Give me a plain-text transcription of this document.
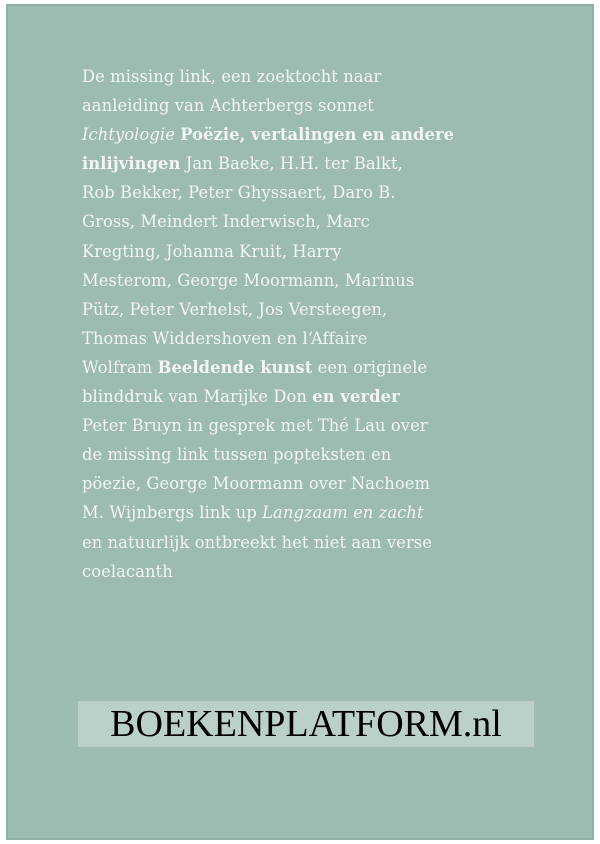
De missing link, een zoektocht naar
aanleiding van Achterbergs sonnet
Ichtyologie Poëzie, vertalingen en andere
inlijvingen Jan Baeke, H.H. ter Balkt,
Rob Bekker, Peter Ghyssaert, Daro B.
Gross, Meindert Inderwisch, Marc
Kregting, Johanna Kruit, Harry
Mesterom, George Moormann, Marinus
Pütz, Peter Verhelst, Jos Versteegen,
Thomas Widdershoven en l‘Affaire
Wolfram Beeldende kunst een originele
blinddruk van Marijke Don en verder
Peter Bruyn in gesprek met Thé Lau over
de missing link tussen popteksten en
pöezie, George Moormann over Nachoem
M. Wijnbergs link up Langzaam en zacht
en natuurlijk ontbreekt het niet aan verse
coelacanth
BOEKENPLATFORM.nl
